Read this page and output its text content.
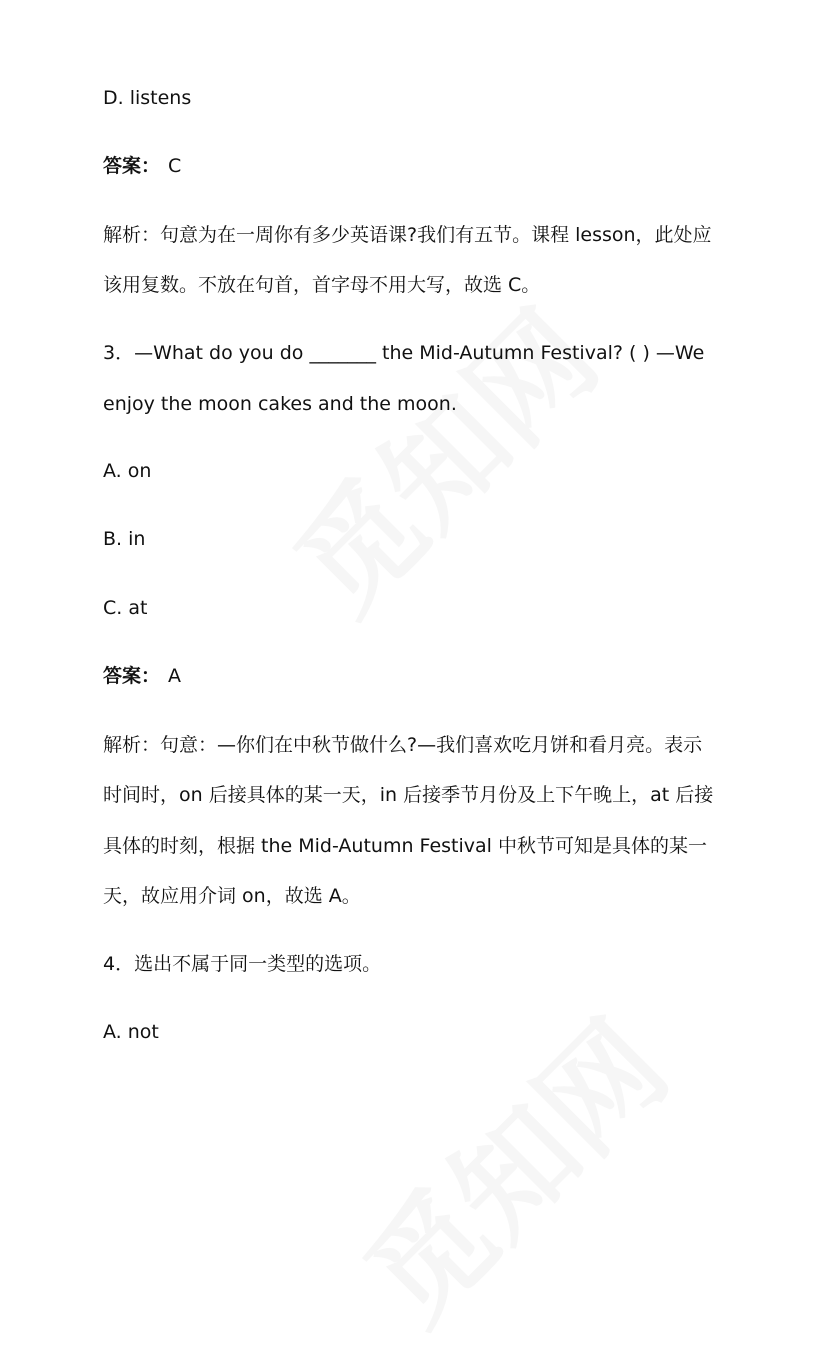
D. listens

答案： C

解析：句意为在一周你有多少英语课?我们有五节。课程 lesson，此处应

该用复数。不放在句首，首字母不用大写，故选 C。

3．—What do you do _______ the Mid-Autumn Festival? ( ) —We

enjoy the moon cakes and the moon.

A. on

B. in

C. at

答案： A

解析：句意：—你们在中秋节做什么?—我们喜欢吃月饼和看月亮。表示

时间时，on 后接具体的某一天，in 后接季节月份及上下午晚上，at 后接

具体的时刻，根据 the Mid-Autumn Festival 中秋节可知是具体的某一

天，故应用介词 on，故选 A。

4．选出不属于同一类型的选项。

A. not
